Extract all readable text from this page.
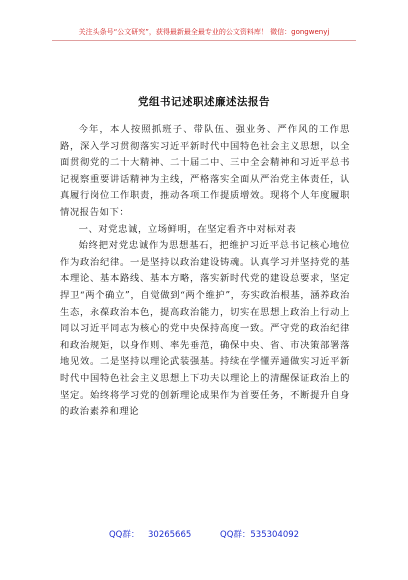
关注头条号“公文研究”，获得最新最全最专业的公文资料库！ 微信：gongwenyj
党组书记述职述廉述法报告

今年，本人按照抓班子、带队伍、强业务、严作风的工作思路，深入学习贯彻落实习近平新时代中国特色社会主义思想，以全面贯彻党的二十大精神、二十届二中、三中全会精神和习近平总书记视察重要讲话精神为主线，严格落实全面从严治党主体责任，认真履行岗位工作职责，推动各项工作提质增效。现将个人年度履职情况报告如下：

一、对党忠诚，立场鲜明，在坚定看齐中对标对表

始终把对党忠诚作为思想基石，把维护习近平总书记核心地位作为政治纪律。一是坚持以政治建设铸魂。认真学习并坚持党的基本理论、基本路线、基本方略，落实新时代党的建设总要求，坚定捍卫“两个确立”，自觉做到“两个维护”，夯实政治根基，涵养政治生态，永葆政治本色，提高政治能力，切实在思想上政治上行动上同以习近平同志为核心的党中央保持高度一致。严守党的政治纪律和政治规矩，以身作则、率先垂范，确保中央、省、市决策部署落地见效。二是坚持以理论武装强基。持续在学懂弄通做实习近平新时代中国特色社会主义思想上下功夫以理论上的清醒保证政治上的坚定。始终将学习党的创新理论成果作为首要任务，不断提升自身的政治素养和理论

QQ群： 30265665	QQ群：535304092
